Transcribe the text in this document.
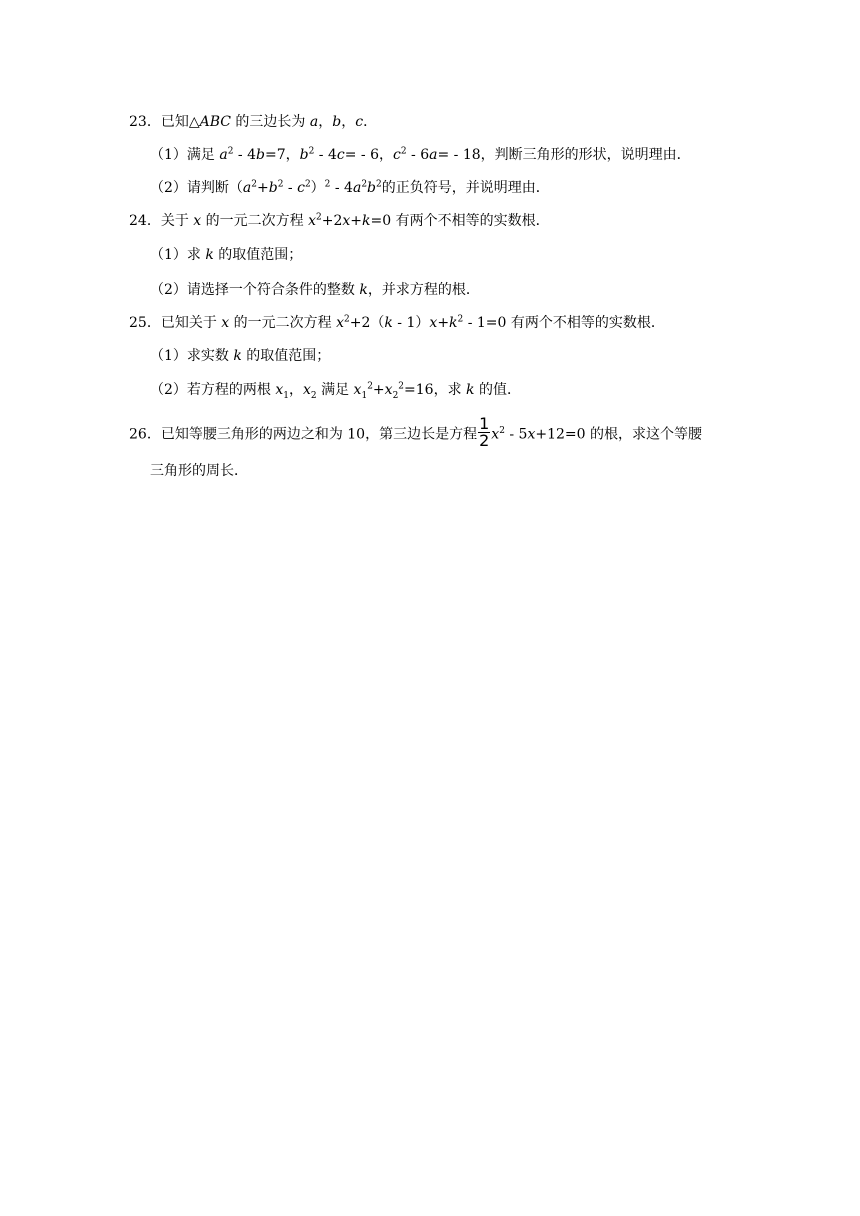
23．已知△ABC 的三边长为 a，b，c．
（1）满足 $a^2 - 4b=7$，$b^2 - 4c= - 6$，$c^2 - 6a= - 18$，判断三角形的形状，说明理由．
（2）请判断$(a^2+b^2 - c^2)^2 - 4a^2b^2$的正负符号，并说明理由．
24．关于 x 的一元二次方程 $x^2+2x+k=0$ 有两个不相等的实数根．
（1）求 k 的取值范围；
（2）请选择一个符合条件的整数 k，并求方程的根．
25．已知关于 x 的一元二次方程 $x^2+2(k - 1)x+k^2 - 1=0$ 有两个不相等的实数根．
（1）求实数 k 的取值范围；
（2）若方程的两根 $x_1$，$x_2$ 满足 $x_1^2+x_2^2=16$，求 k 的值．
26．已知等腰三角形的两边之和为 10，第三边长是方程 $\frac{1}{2} x^2 - 5x+12=0$ 的根，求这个等腰
三角形的周长．
